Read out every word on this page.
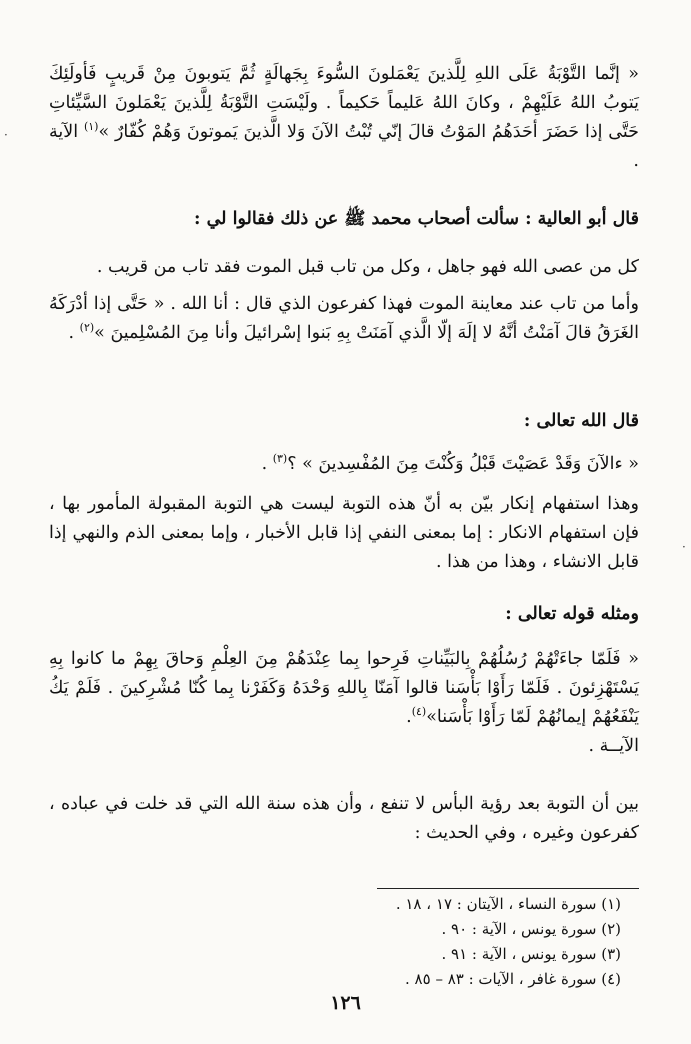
« إنَّما التَّوْبَةُ عَلَى اللهِ لِلَّذينَ يَعْمَلونَ السُّوءَ بِجَهالَةٍ ثُمَّ يَتوبونَ مِنْ قَريبٍ فَأولَئِكَ يَتوبُ اللهُ عَلَيْهِمْ ، وكانَ اللهُ عَليماً حَكيماً . ولَيْسَتِ التَّوْبَةُ لِلَّذينَ يَعْمَلونَ السَّيِّئاتِ حَتَّى إذا حَضَرَ أحَدَهُمُ المَوْتُ قالَ إنّي تُبْتُ الآنَ وَلا الَّذينَ يَموتونَ وَهُمْ كُفّارٌ »$^{(١)}$ الآية .

قال أبو العالية : سألت أصحاب محمد ﷺ عن ذلك فقالوا لي :

كل من عصى الله فهو جاهل ، وكل من تاب قبل الموت فقد تاب من قريب .

وأما من تاب عند معاينة الموت فهذا كفرعون الذي قال : أنا الله . « حَتَّى إذا أدْرَكَهُ الغَرَقُ قالَ آمَنْتُ أنَّهُ لا إلَهَ إلّا الَّذي آمَنَتْ بِهِ بَنوا إسْرائيلَ وأنا مِنَ المُسْلِمينَ »$^{(٢)}$ .

قال الله تعالى :

« ءالآنَ وَقَدْ عَصَيْتَ قَبْلُ وَكُنْتَ مِنَ المُفْسِدينَ » ؟$^{(٣)}$ .

وهذا استفهام إنكار بيّن به أنّ هذه التوبة ليست هي التوبة المقبولة المأمور بها ، فإن استفهام الانكار : إما بمعنى النفي إذا قابل الأخبار ، وإما بمعنى الذم والنهي إذا قابل الانشاء ، وهذا من هذا .

ومثله قوله تعالى :

« فَلَمّا جاءَتْهُمْ رُسُلُهُمْ بِالبَيِّناتِ فَرِحوا بِما عِنْدَهُمْ مِنَ العِلْمِ وَحاقَ بِهِمْ ما كانوا بِهِ يَسْتَهْزِئونَ . فَلَمّا رَأَوْا بَأْسَنا قالوا آمَنّا بِاللهِ وَحْدَهُ وَكَفَرْنا بِما كُنّا مُشْرِكينَ . فَلَمْ يَكُ يَنْفَعُهُمْ إيمانُهُمْ لَمّا رَأَوْا بَأْسَنا»$^{(٤)}$.

الآيــة .

بين أن التوبة بعد رؤية البأس لا تنفع ، وأن هذه سنة الله التي قد خلت في عباده ، كفرعون وغيره ، وفي الحديث :

(١) سورة النساء ، الآيتان : ١٧ ، ١٨ .
(٢) سورة يونس ، الآية : ٩٠ .
(٣) سورة يونس ، الآية : ٩١ .
(٤) سورة غافر ، الآيات : ٨٣ – ٨٥ .
١٢٦
·
·
